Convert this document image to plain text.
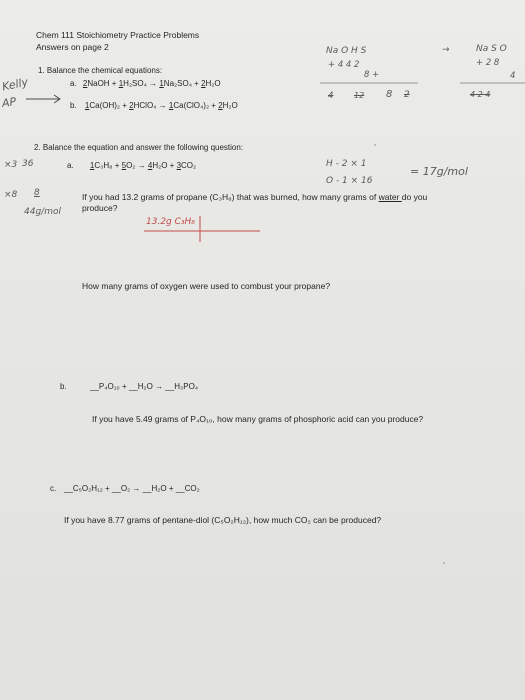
Chem 111 Stoichiometry Practice Problems
Answers on page 2
1. Balance the chemical equations:
a. 2NaOH + 1H₂SO₄ → 1Na₂SO₄ + 2H₂O
b. 1Ca(OH)₂ + 2HClO₄ → 1Ca(ClO₄)₂ + 2H₂O
2. Balance the equation and answer the following question:
a. 1C₃H₈ + 5O₂ → 4H₂O + 3CO₂
If you had 13.2 grams of propane (C₃H₈) that was burned, how many grams of water do you
produce?
How many grams of oxygen were used to combust your propane?
b.	__P₄O₁₀ + __H₂O → __H₃PO₄
If you have 5.49 grams of P₄O₁₀, how many grams of phosphoric acid can you produce?
c. __C₅O₂H₁₂ + __O₂ → __H₂O + __CO₂
If you have 8.77 grams of pentane-diol (C₅O₂H₁₂), how much CO₂ can be produced?
Kelly
AP
Na O H S	→	Na S O
+ 4 4 2	+ 2 8
8 +	4
4	12 8 2	4 2 4
×3 36
×8 8
44g/mol
H - 2 × 1
O - 1 × 16
= 17g/mol
13.2g C₃H₈
